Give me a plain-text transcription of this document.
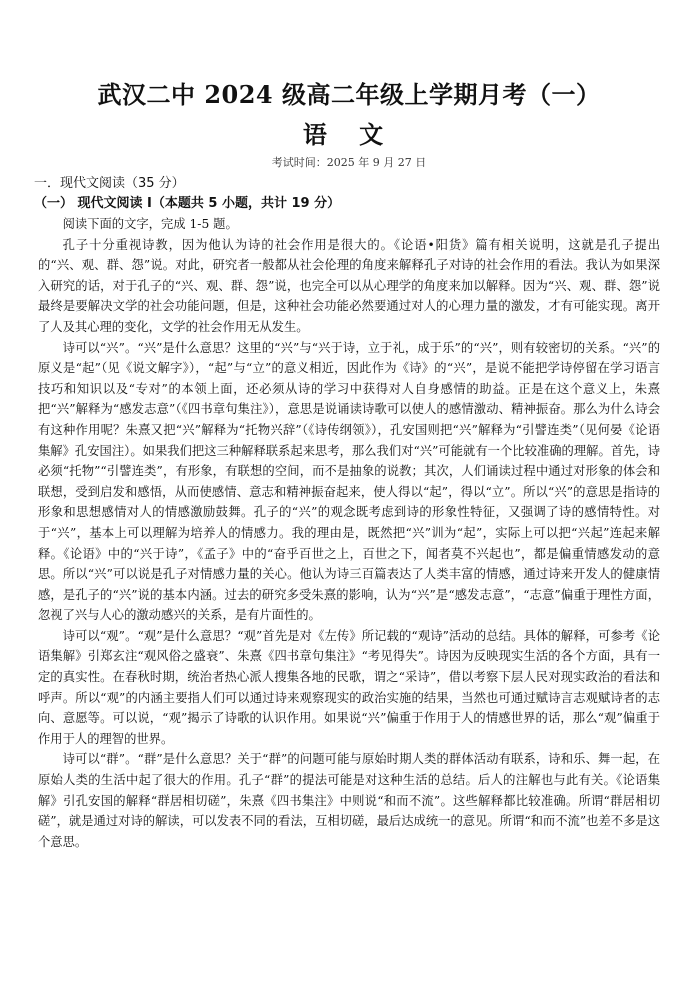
武汉二中 2024 级高二年级上学期月考（一）
语 文
考试时间：2025 年 9 月 27 日
一．现代文阅读（35 分）
（一） 现代文阅读 I（本题共 5 小题，共计 19 分）

阅读下面的文字，完成 1-5 题。

孔子十分重视诗教，因为他认为诗的社会作用是很大的。《论语•阳货》篇有相关说明，这就是孔子提出的“兴、观、群、怨”说。对此，研究者一般都从社会伦理的角度来解释孔子对诗的社会作用的看法。我认为如果深入研究的话，对于孔子的“兴、观、群、怨”说，也完全可以从心理学的角度来加以解释。因为“兴、观、群、怨”说最终是要解决文学的社会功能问题，但是，这种社会功能必然要通过对人的心理力量的激发，才有可能实现。离开了人及其心理的变化，文学的社会作用无从发生。

诗可以“兴”。“兴”是什么意思？这里的“兴”与“兴于诗，立于礼，成于乐”的“兴”，则有较密切的关系。“兴”的原义是“起”（见《说文解字》），“起”与“立”的意义相近，因此作为《诗》的“兴”，是说不能把学诗停留在学习语言技巧和知识以及“专对”的本领上面，还必须从诗的学习中获得对人自身感情的助益。正是在这个意义上，朱熹把“兴”解释为“感发志意”（《四书章句集注》），意思是说诵读诗歌可以使人的感情激动、精神振奋。那么为什么诗会有这种作用呢？朱熹又把“兴”解释为“托物兴辞”（《诗传纲领》），孔安国则把“兴”解释为“引譬连类”（见何晏《论语集解》孔安国注）。如果我们把这三种解释联系起来思考，那么我们对“兴”可能就有一个比较准确的理解。首先，诗必须“托物”“引譬连类”，有形象，有联想的空间，而不是抽象的说教；其次，人们诵读过程中通过对形象的体会和联想，受到启发和感悟，从而使感情、意志和精神振奋起来，使人得以“起”，得以“立”。所以“兴”的意思是指诗的形象和思想感情对人的情感激励鼓舞。孔子的“兴”的观念既考虑到诗的形象性特征，又强调了诗的感情特性。对于“兴”，基本上可以理解为培养人的情感力。我的理由是，既然把“兴”训为“起”，实际上可以把“兴起”连起来解释。《论语》中的“兴于诗”，《孟子》中的“奋乎百世之上，百世之下，闻者莫不兴起也”，都是偏重情感发动的意思。所以“兴”可以说是孔子对情感力量的关心。他认为诗三百篇表达了人类丰富的情感，通过诗来开发人的健康情感，是孔子的“兴”说的基本内涵。过去的研究多受朱熹的影响，认为“兴”是“感发志意”，“志意”偏重于理性方面，忽视了兴与人心的激动感兴的关系，是有片面性的。

诗可以“观”。“观”是什么意思？“观”首先是对《左传》所记载的“观诗”活动的总结。具体的解释，可参考《论语集解》引郑玄注“观风俗之盛衰”、朱熹《四书章句集注》“考见得失”。诗因为反映现实生活的各个方面，具有一定的真实性。在春秋时期，统治者热心派人搜集各地的民歌，谓之“采诗”，借以考察下层人民对现实政治的看法和呼声。所以“观”的内涵主要指人们可以通过诗来观察现实的政治实施的结果，当然也可通过赋诗言志观赋诗者的志向、意愿等。可以说，“观”揭示了诗歌的认识作用。如果说“兴”偏重于作用于人的情感世界的话，那么“观”偏重于作用于人的理智的世界。

诗可以“群”。“群”是什么意思？关于“群”的问题可能与原始时期人类的群体活动有联系，诗和乐、舞一起，在原始人类的生活中起了很大的作用。孔子“群”的提法可能是对这种生活的总结。后人的注解也与此有关。《论语集解》引孔安国的解释“群居相切磋”，朱熹《四书集注》中则说“和而不流”。这些解释都比较准确。所谓“群居相切磋”，就是通过对诗的解读，可以发表不同的看法，互相切磋，最后达成统一的意见。所谓“和而不流”也差不多是这个意思。
